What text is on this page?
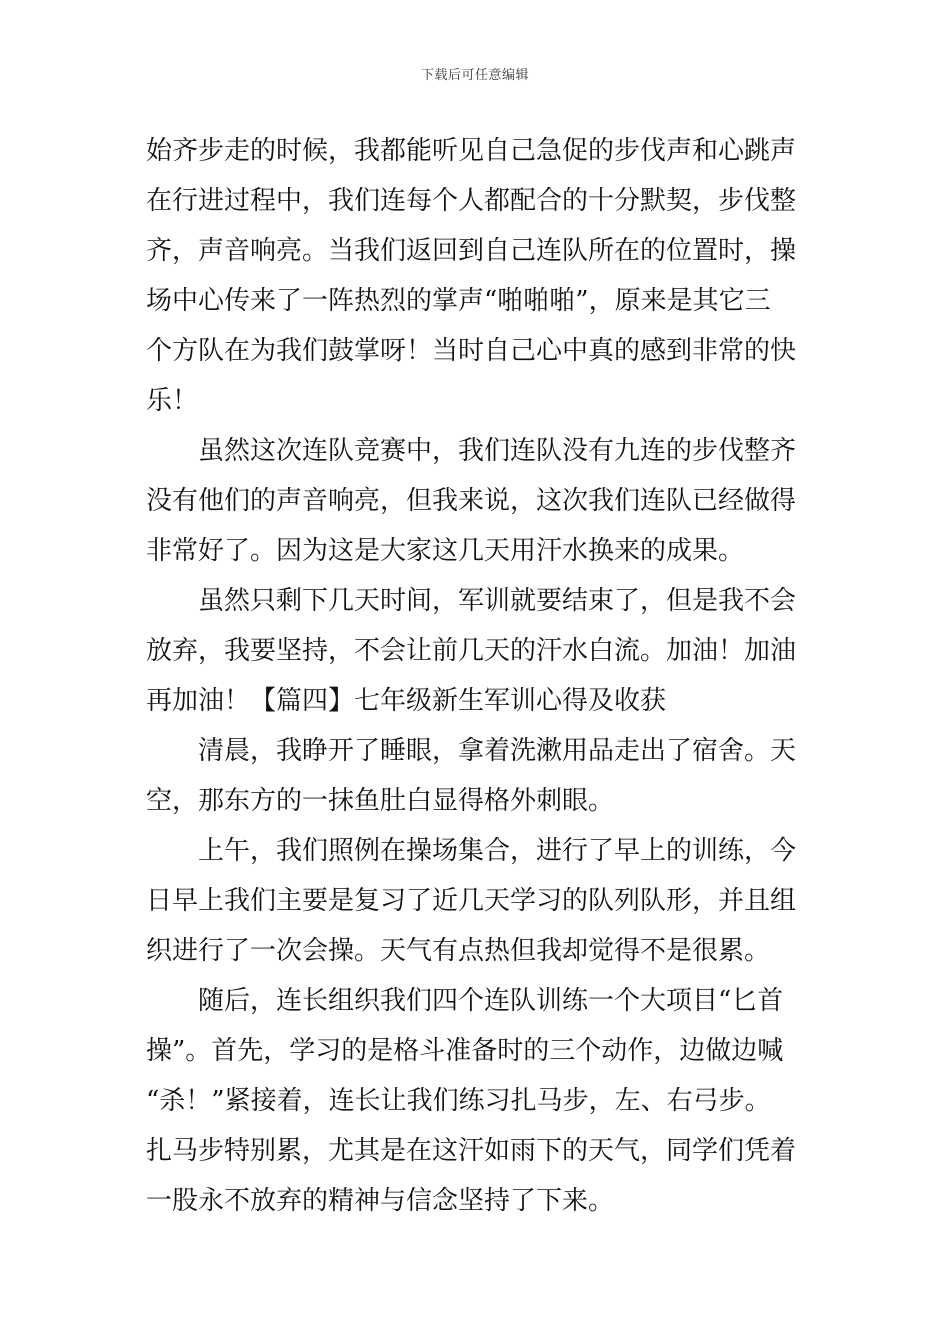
下载后可任意编辑
始齐步走的时候，我都能听见自己急促的步伐声和心跳声
在行进过程中，我们连每个人都配合的十分默契，步伐整
齐，声音响亮。当我们返回到自己连队所在的位置时，操
场中心传来了一阵热烈的掌声“啪啪啪”，原来是其它三
个方队在为我们鼓掌呀！当时自己心中真的感到非常的快
乐！
虽然这次连队竞赛中，我们连队没有九连的步伐整齐
没有他们的声音响亮，但我来说，这次我们连队已经做得
非常好了。因为这是大家这几天用汗水换来的成果。
虽然只剩下几天时间，军训就要结束了，但是我不会
放弃，我要坚持，不会让前几天的汗水白流。加油！加油
再加油！【篇四】七年级新生军训心得及收获
清晨，我睁开了睡眼，拿着洗漱用品走出了宿舍。天
空，那东方的一抹鱼肚白显得格外刺眼。
上午，我们照例在操场集合，进行了早上的训练，今
日早上我们主要是复习了近几天学习的队列队形，并且组
织进行了一次会操。天气有点热但我却觉得不是很累。
随后，连长组织我们四个连队训练一个大项目“匕首
操”。首先，学习的是格斗准备时的三个动作，边做边喊
“杀！”紧接着，连长让我们练习扎马步，左、右弓步。
扎马步特别累，尤其是在这汗如雨下的天气，同学们凭着
一股永不放弃的精神与信念坚持了下来。
